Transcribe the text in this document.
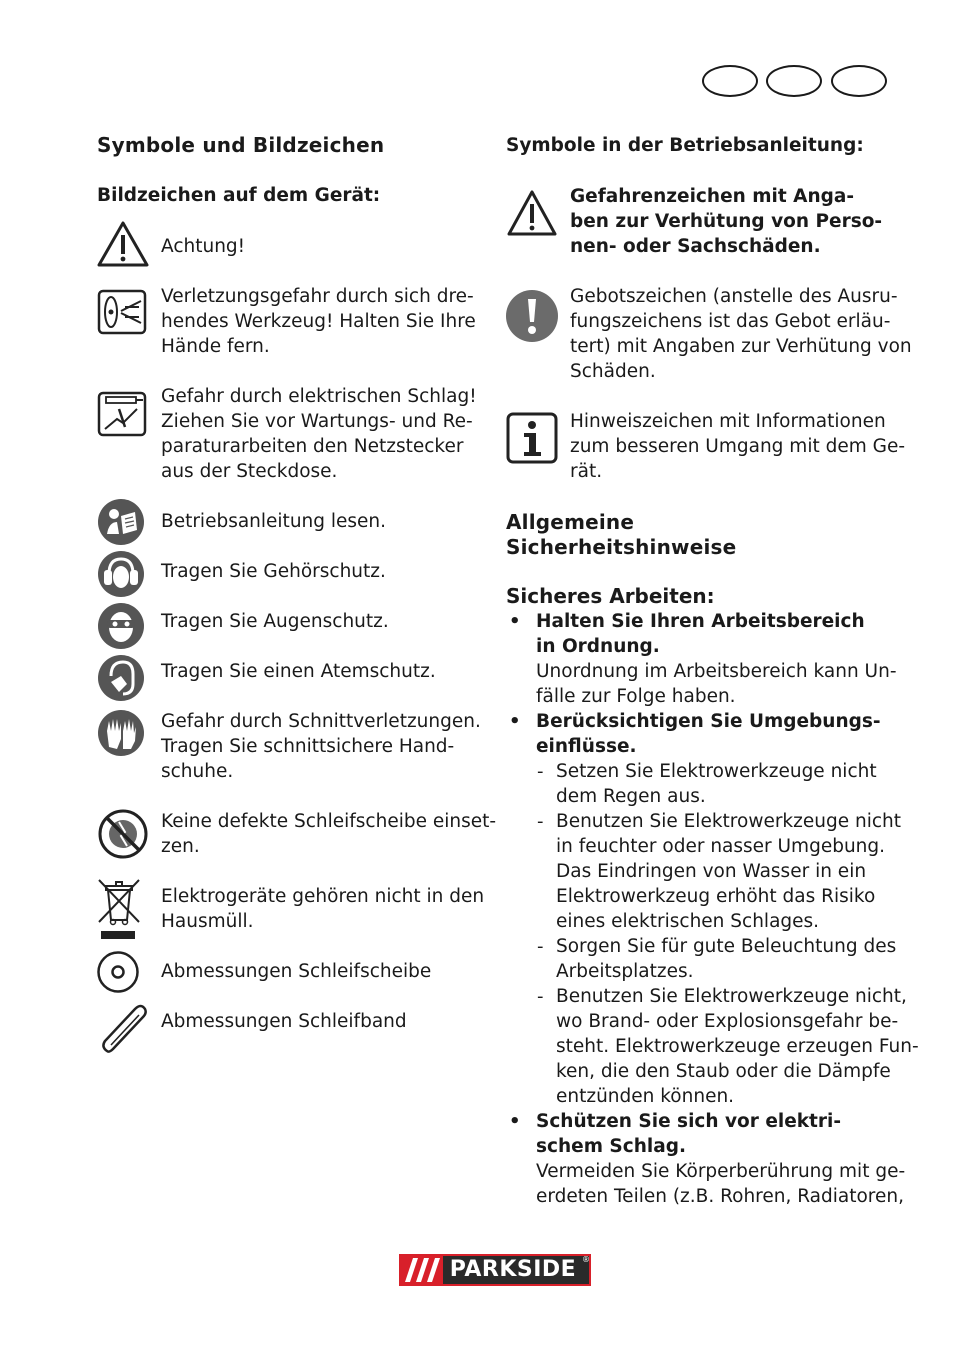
Symbole und Bildzeichen
Bildzeichen auf dem Gerät:
Achtung!
Verletzungsgefahr durch sich dre-
hendes Werkzeug! Halten Sie Ihre
Hände fern.
Gefahr durch elektrischen Schlag!
Ziehen Sie vor Wartungs- und Re-
paraturarbeiten den Netzstecker
aus der Steckdose.
Betriebsanleitung lesen.
Tragen Sie Gehörschutz.
Tragen Sie Augenschutz.
Tragen Sie einen Atemschutz.
Gefahr durch Schnittverletzungen.
Tragen Sie schnittsichere Hand-
schuhe.
Keine defekte Schleifscheibe einset-
zen.
Elektrogeräte gehören nicht in den
Hausmüll.
Abmessungen Schleifscheibe
Abmessungen Schleifband
Symbole in der Betriebsanleitung:
Gefahrenzeichen mit Anga-
ben zur Verhütung von Perso-
nen- oder Sachschäden.
Gebotszeichen (anstelle des Ausru-
fungszeichens ist das Gebot erläu-
tert) mit Angaben zur Verhütung von
Schäden.
Hinweiszeichen mit Informationen
zum besseren Umgang mit dem Ge-
rät.
Allgemeine
Sicherheitshinweise
Sicheres Arbeiten:
• Halten Sie Ihren Arbeitsbereich
in Ordnung.
Unordnung im Arbeitsbereich kann Un-
fälle zur Folge haben.
• Berücksichtigen Sie Umgebungs-
einflüsse.
- Setzen Sie Elektrowerkzeuge nicht
dem Regen aus.
- Benutzen Sie Elektrowerkzeuge nicht
in feuchter oder nasser Umgebung.
Das Eindringen von Wasser in ein
Elektrowerkzeug erhöht das Risiko
eines elektrischen Schlages.
- Sorgen Sie für gute Beleuchtung des
Arbeitsplatzes.
- Benutzen Sie Elektrowerkzeuge nicht,
wo Brand- oder Explosionsgefahr be-
steht. Elektrowerkzeuge erzeugen Fun-
ken, die den Staub oder die Dämpfe
entzünden können.
• Schützen Sie sich vor elektri-
schem Schlag.
Vermeiden Sie Körperberührung mit ge-
erdeten Teilen (z.B. Rohren, Radiatoren,
PARKSIDE ®
